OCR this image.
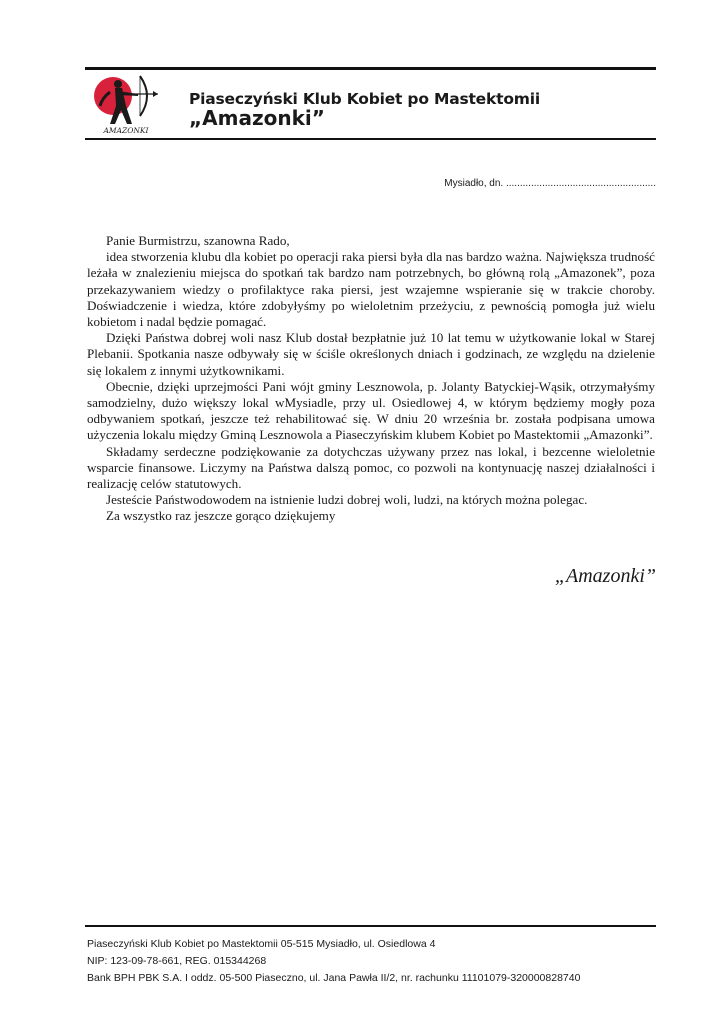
AMAZONKI
Piaseczyński Klub Kobiet po Mastektomii
„Amazonki”
Mysiadło, dn. ......................................................

Panie Burmistrzu, szanowna Rado,

idea stworzenia klubu dla kobiet po operacji raka piersi była dla nas bardzo ważna. Największa trudność leżała w znalezieniu miejsca do spotkań tak bardzo nam potrzebnych, bo główną rolą „Amazonek”, poza przekazywaniem wiedzy o profilaktyce raka piersi, jest wzajemne wspieranie się w trakcie choroby. Doświadczenie i wiedza, które zdobyłyśmy po wieloletnim przeżyciu, z pewnością pomogła już wielu kobietom i nadal będzie pomagać.

Dzięki Państwa dobrej woli nasz Klub dostał bezpłatnie już 10 lat temu w użytkowanie lokal w Starej Plebanii. Spotkania nasze odbywały się w ściśle określonych dniach i godzinach, ze względu na dzielenie się lokalem z innymi użytkownikami.

Obecnie, dzięki uprzejmości Pani wójt gminy Lesznowola, p. Jolanty Batyckiej-Wąsik, otrzymałyśmy samodzielny, dużo większy lokal wMysiadle, przy ul. Osiedlowej 4, w którym będziemy mogły poza odbywaniem spotkań, jeszcze też rehabilitować się. W dniu 20 września br. została podpisana umowa użyczenia lokalu między Gminą Lesznowola a Piaseczyńskim klubem Kobiet po Mastektomii „Amazonki”.

Składamy serdeczne podziękowanie za dotychczas używany przez nas lokal, i bezcenne wieloletnie wsparcie finansowe. Liczymy na Państwa dalszą pomoc, co pozwoli na kontynuację naszej działalności i realizację celów statutowych.

Jesteście Państwodowodem na istnienie ludzi dobrej woli, ludzi, na których można polegac.

Za wszystko raz jeszcze gorąco dziękujemy

„Amazonki”
Piaseczyński Klub Kobiet po Mastektomii 05-515 Mysiadło, ul. Osiedlowa 4
NIP: 123-09-78-661, REG. 015344268
Bank BPH PBK S.A. I oddz. 05-500 Piaseczno, ul. Jana Pawła II/2, nr. rachunku 11101079-320000828740
